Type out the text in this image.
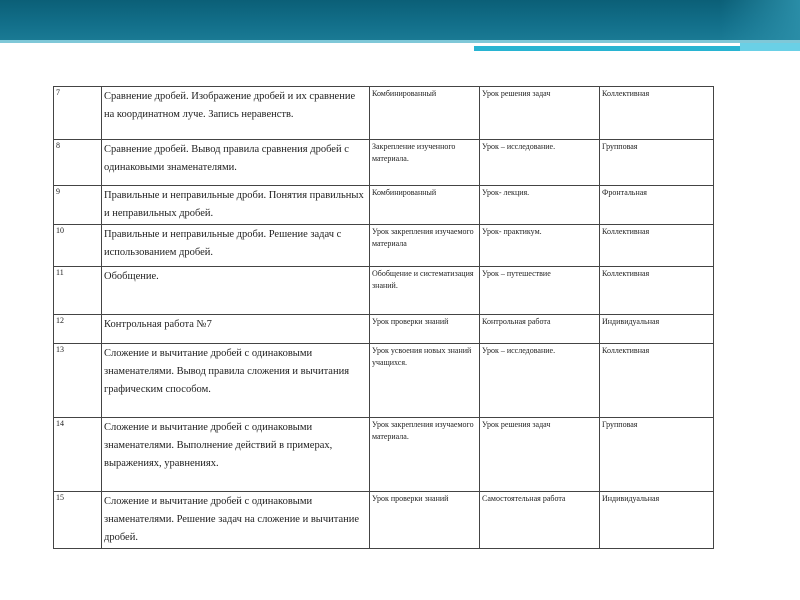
7	Сравнение дробей. Изображение дробей и их сравнение на координатном луче. Запись неравенств.	Комбинированный	Урок решения задач	Коллективная
8	Сравнение дробей. Вывод правила сравнения дробей с одинаковыми знаменателями.	Закрепление изученного материала.	Урок – исследование.	Групповая
9	Правильные и неправильные дроби. Понятия правильных и неправильных дробей.	Комбинированный	Урок- лекция.	Фронтальная
10	Правильные и неправильные дроби. Решение задач с использованием дробей.	Урок закрепления изучаемого материала	Урок- практикум.	Коллективная
11	Обобщение.	Обобщение и систематизация знаний.	Урок – путешествие	Коллективная
12	Контрольная работа №7	Урок проверки знаний	Контрольная работа	Индивидуальная
13	Сложение и вычитание дробей с одинаковыми знаменателями. Вывод правила сложения и вычитания графическим способом.	Урок усвоения новых знаний учащихся.	Урок – исследование.	Коллективная
14	Сложение и вычитание дробей с одинаковыми знаменателями. Выполнение действий в примерах, выражениях, уравнениях.	Урок закрепления изучаемого материала.	Урок решения задач	Групповая
15	Сложение и вычитание дробей с одинаковыми знаменателями. Решение задач на сложение и вычитание дробей.	Урок проверки знаний	Самостоятельная работа	Индивидуальная
